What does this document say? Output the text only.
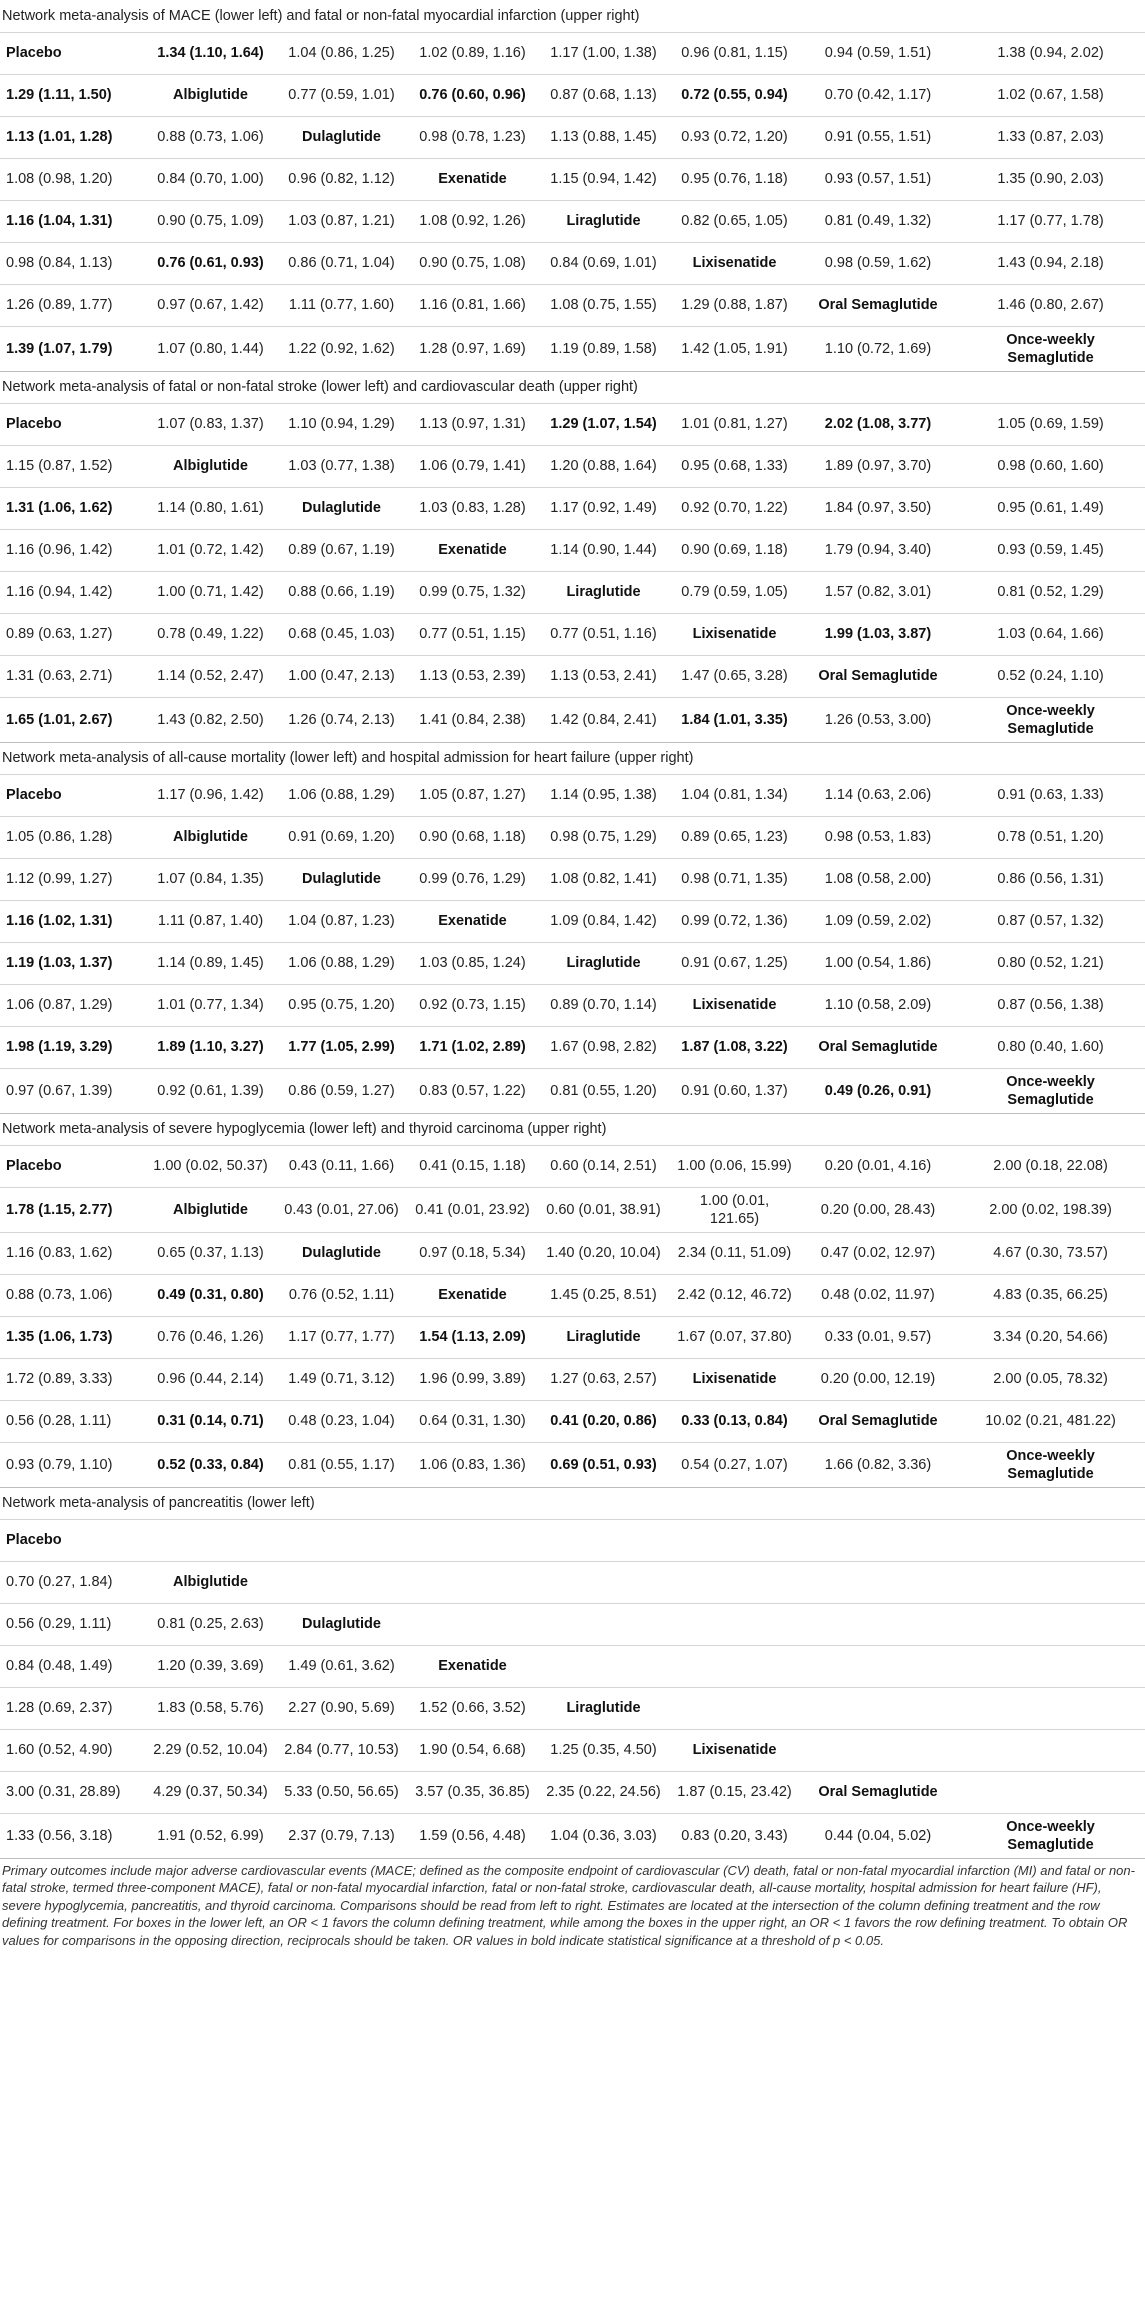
Network meta-analysis of MACE (lower left) and fatal or non-fatal myocardial infarction (upper right)							
Placebo	1.34 (1.10, 1.64)	1.04 (0.86, 1.25)	1.02 (0.89, 1.16)	1.17 (1.00, 1.38)	0.96 (0.81, 1.15)	0.94 (0.59, 1.51)	1.38 (0.94, 2.02)
1.29 (1.11, 1.50)	Albiglutide	0.77 (0.59, 1.01)	0.76 (0.60, 0.96)	0.87 (0.68, 1.13)	0.72 (0.55, 0.94)	0.70 (0.42, 1.17)	1.02 (0.67, 1.58)
1.13 (1.01, 1.28)	0.88 (0.73, 1.06)	Dulaglutide	0.98 (0.78, 1.23)	1.13 (0.88, 1.45)	0.93 (0.72, 1.20)	0.91 (0.55, 1.51)	1.33 (0.87, 2.03)
1.08 (0.98, 1.20)	0.84 (0.70, 1.00)	0.96 (0.82, 1.12)	Exenatide	1.15 (0.94, 1.42)	0.95 (0.76, 1.18)	0.93 (0.57, 1.51)	1.35 (0.90, 2.03)
1.16 (1.04, 1.31)	0.90 (0.75, 1.09)	1.03 (0.87, 1.21)	1.08 (0.92, 1.26)	Liraglutide	0.82 (0.65, 1.05)	0.81 (0.49, 1.32)	1.17 (0.77, 1.78)
0.98 (0.84, 1.13)	0.76 (0.61, 0.93)	0.86 (0.71, 1.04)	0.90 (0.75, 1.08)	0.84 (0.69, 1.01)	Lixisenatide	0.98 (0.59, 1.62)	1.43 (0.94, 2.18)
1.26 (0.89, 1.77)	0.97 (0.67, 1.42)	1.11 (0.77, 1.60)	1.16 (0.81, 1.66)	1.08 (0.75, 1.55)	1.29 (0.88, 1.87)	Oral Semaglutide	1.46 (0.80, 2.67)
1.39 (1.07, 1.79)	1.07 (0.80, 1.44)	1.22 (0.92, 1.62)	1.28 (0.97, 1.69)	1.19 (0.89, 1.58)	1.42 (1.05, 1.91)	1.10 (0.72, 1.69)	Once-weekly Semaglutide
Network meta-analysis of fatal or non-fatal stroke (lower left) and cardiovascular death (upper right)							
Placebo	1.07 (0.83, 1.37)	1.10 (0.94, 1.29)	1.13 (0.97, 1.31)	1.29 (1.07, 1.54)	1.01 (0.81, 1.27)	2.02 (1.08, 3.77)	1.05 (0.69, 1.59)
1.15 (0.87, 1.52)	Albiglutide	1.03 (0.77, 1.38)	1.06 (0.79, 1.41)	1.20 (0.88, 1.64)	0.95 (0.68, 1.33)	1.89 (0.97, 3.70)	0.98 (0.60, 1.60)
1.31 (1.06, 1.62)	1.14 (0.80, 1.61)	Dulaglutide	1.03 (0.83, 1.28)	1.17 (0.92, 1.49)	0.92 (0.70, 1.22)	1.84 (0.97, 3.50)	0.95 (0.61, 1.49)
1.16 (0.96, 1.42)	1.01 (0.72, 1.42)	0.89 (0.67, 1.19)	Exenatide	1.14 (0.90, 1.44)	0.90 (0.69, 1.18)	1.79 (0.94, 3.40)	0.93 (0.59, 1.45)
1.16 (0.94, 1.42)	1.00 (0.71, 1.42)	0.88 (0.66, 1.19)	0.99 (0.75, 1.32)	Liraglutide	0.79 (0.59, 1.05)	1.57 (0.82, 3.01)	0.81 (0.52, 1.29)
0.89 (0.63, 1.27)	0.78 (0.49, 1.22)	0.68 (0.45, 1.03)	0.77 (0.51, 1.15)	0.77 (0.51, 1.16)	Lixisenatide	1.99 (1.03, 3.87)	1.03 (0.64, 1.66)
1.31 (0.63, 2.71)	1.14 (0.52, 2.47)	1.00 (0.47, 2.13)	1.13 (0.53, 2.39)	1.13 (0.53, 2.41)	1.47 (0.65, 3.28)	Oral Semaglutide	0.52 (0.24, 1.10)
1.65 (1.01, 2.67)	1.43 (0.82, 2.50)	1.26 (0.74, 2.13)	1.41 (0.84, 2.38)	1.42 (0.84, 2.41)	1.84 (1.01, 3.35)	1.26 (0.53, 3.00)	Once-weekly Semaglutide
Network meta-analysis of all-cause mortality (lower left) and hospital admission for heart failure (upper right)							
Placebo	1.17 (0.96, 1.42)	1.06 (0.88, 1.29)	1.05 (0.87, 1.27)	1.14 (0.95, 1.38)	1.04 (0.81, 1.34)	1.14 (0.63, 2.06)	0.91 (0.63, 1.33)
1.05 (0.86, 1.28)	Albiglutide	0.91 (0.69, 1.20)	0.90 (0.68, 1.18)	0.98 (0.75, 1.29)	0.89 (0.65, 1.23)	0.98 (0.53, 1.83)	0.78 (0.51, 1.20)
1.12 (0.99, 1.27)	1.07 (0.84, 1.35)	Dulaglutide	0.99 (0.76, 1.29)	1.08 (0.82, 1.41)	0.98 (0.71, 1.35)	1.08 (0.58, 2.00)	0.86 (0.56, 1.31)
1.16 (1.02, 1.31)	1.11 (0.87, 1.40)	1.04 (0.87, 1.23)	Exenatide	1.09 (0.84, 1.42)	0.99 (0.72, 1.36)	1.09 (0.59, 2.02)	0.87 (0.57, 1.32)
1.19 (1.03, 1.37)	1.14 (0.89, 1.45)	1.06 (0.88, 1.29)	1.03 (0.85, 1.24)	Liraglutide	0.91 (0.67, 1.25)	1.00 (0.54, 1.86)	0.80 (0.52, 1.21)
1.06 (0.87, 1.29)	1.01 (0.77, 1.34)	0.95 (0.75, 1.20)	0.92 (0.73, 1.15)	0.89 (0.70, 1.14)	Lixisenatide	1.10 (0.58, 2.09)	0.87 (0.56, 1.38)
1.98 (1.19, 3.29)	1.89 (1.10, 3.27)	1.77 (1.05, 2.99)	1.71 (1.02, 2.89)	1.67 (0.98, 2.82)	1.87 (1.08, 3.22)	Oral Semaglutide	0.80 (0.40, 1.60)
0.97 (0.67, 1.39)	0.92 (0.61, 1.39)	0.86 (0.59, 1.27)	0.83 (0.57, 1.22)	0.81 (0.55, 1.20)	0.91 (0.60, 1.37)	0.49 (0.26, 0.91)	Once-weekly Semaglutide
Network meta-analysis of severe hypoglycemia (lower left) and thyroid carcinoma (upper right)							
Placebo	1.00 (0.02, 50.37)	0.43 (0.11, 1.66)	0.41 (0.15, 1.18)	0.60 (0.14, 2.51)	1.00 (0.06, 15.99)	0.20 (0.01, 4.16)	2.00 (0.18, 22.08)
1.78 (1.15, 2.77)	Albiglutide	0.43 (0.01, 27.06)	0.41 (0.01, 23.92)	0.60 (0.01, 38.91)	1.00 (0.01, 121.65)	0.20 (0.00, 28.43)	2.00 (0.02, 198.39)
1.16 (0.83, 1.62)	0.65 (0.37, 1.13)	Dulaglutide	0.97 (0.18, 5.34)	1.40 (0.20, 10.04)	2.34 (0.11, 51.09)	0.47 (0.02, 12.97)	4.67 (0.30, 73.57)
0.88 (0.73, 1.06)	0.49 (0.31, 0.80)	0.76 (0.52, 1.11)	Exenatide	1.45 (0.25, 8.51)	2.42 (0.12, 46.72)	0.48 (0.02, 11.97)	4.83 (0.35, 66.25)
1.35 (1.06, 1.73)	0.76 (0.46, 1.26)	1.17 (0.77, 1.77)	1.54 (1.13, 2.09)	Liraglutide	1.67 (0.07, 37.80)	0.33 (0.01, 9.57)	3.34 (0.20, 54.66)
1.72 (0.89, 3.33)	0.96 (0.44, 2.14)	1.49 (0.71, 3.12)	1.96 (0.99, 3.89)	1.27 (0.63, 2.57)	Lixisenatide	0.20 (0.00, 12.19)	2.00 (0.05, 78.32)
0.56 (0.28, 1.11)	0.31 (0.14, 0.71)	0.48 (0.23, 1.04)	0.64 (0.31, 1.30)	0.41 (0.20, 0.86)	0.33 (0.13, 0.84)	Oral Semaglutide	10.02 (0.21, 481.22)
0.93 (0.79, 1.10)	0.52 (0.33, 0.84)	0.81 (0.55, 1.17)	1.06 (0.83, 1.36)	0.69 (0.51, 0.93)	0.54 (0.27, 1.07)	1.66 (0.82, 3.36)	Once-weekly Semaglutide
Network meta-analysis of pancreatitis (lower left)							
Placebo							
0.70 (0.27, 1.84)	Albiglutide						
0.56 (0.29, 1.11)	0.81 (0.25, 2.63)	Dulaglutide					
0.84 (0.48, 1.49)	1.20 (0.39, 3.69)	1.49 (0.61, 3.62)	Exenatide				
1.28 (0.69, 2.37)	1.83 (0.58, 5.76)	2.27 (0.90, 5.69)	1.52 (0.66, 3.52)	Liraglutide			
1.60 (0.52, 4.90)	2.29 (0.52, 10.04)	2.84 (0.77, 10.53)	1.90 (0.54, 6.68)	1.25 (0.35, 4.50)	Lixisenatide		
3.00 (0.31, 28.89)	4.29 (0.37, 50.34)	5.33 (0.50, 56.65)	3.57 (0.35, 36.85)	2.35 (0.22, 24.56)	1.87 (0.15, 23.42)	Oral Semaglutide	
1.33 (0.56, 3.18)	1.91 (0.52, 6.99)	2.37 (0.79, 7.13)	1.59 (0.56, 4.48)	1.04 (0.36, 3.03)	0.83 (0.20, 3.43)	0.44 (0.04, 5.02)	Once-weekly Semaglutide
Primary outcomes include major adverse cardiovascular events (MACE; defined as the composite endpoint of cardiovascular (CV) death, fatal or non-fatal myocardial infarction (MI) and fatal or non-fatal stroke, termed three-component MACE), fatal or non-fatal myocardial infarction, fatal or non-fatal stroke, cardiovascular death, all-cause mortality, hospital admission for heart failure (HF), severe hypoglycemia, pancreatitis, and thyroid carcinoma. Comparisons should be read from left to right. Estimates are located at the intersection of the column defining treatment and the row defining treatment. For boxes in the lower left, an OR < 1 favors the column defining treatment, while among the boxes in the upper right, an OR < 1 favors the row defining treatment. To obtain OR values for comparisons in the opposing direction, reciprocals should be taken. OR values in bold indicate statistical significance at a threshold of p < 0.05.
